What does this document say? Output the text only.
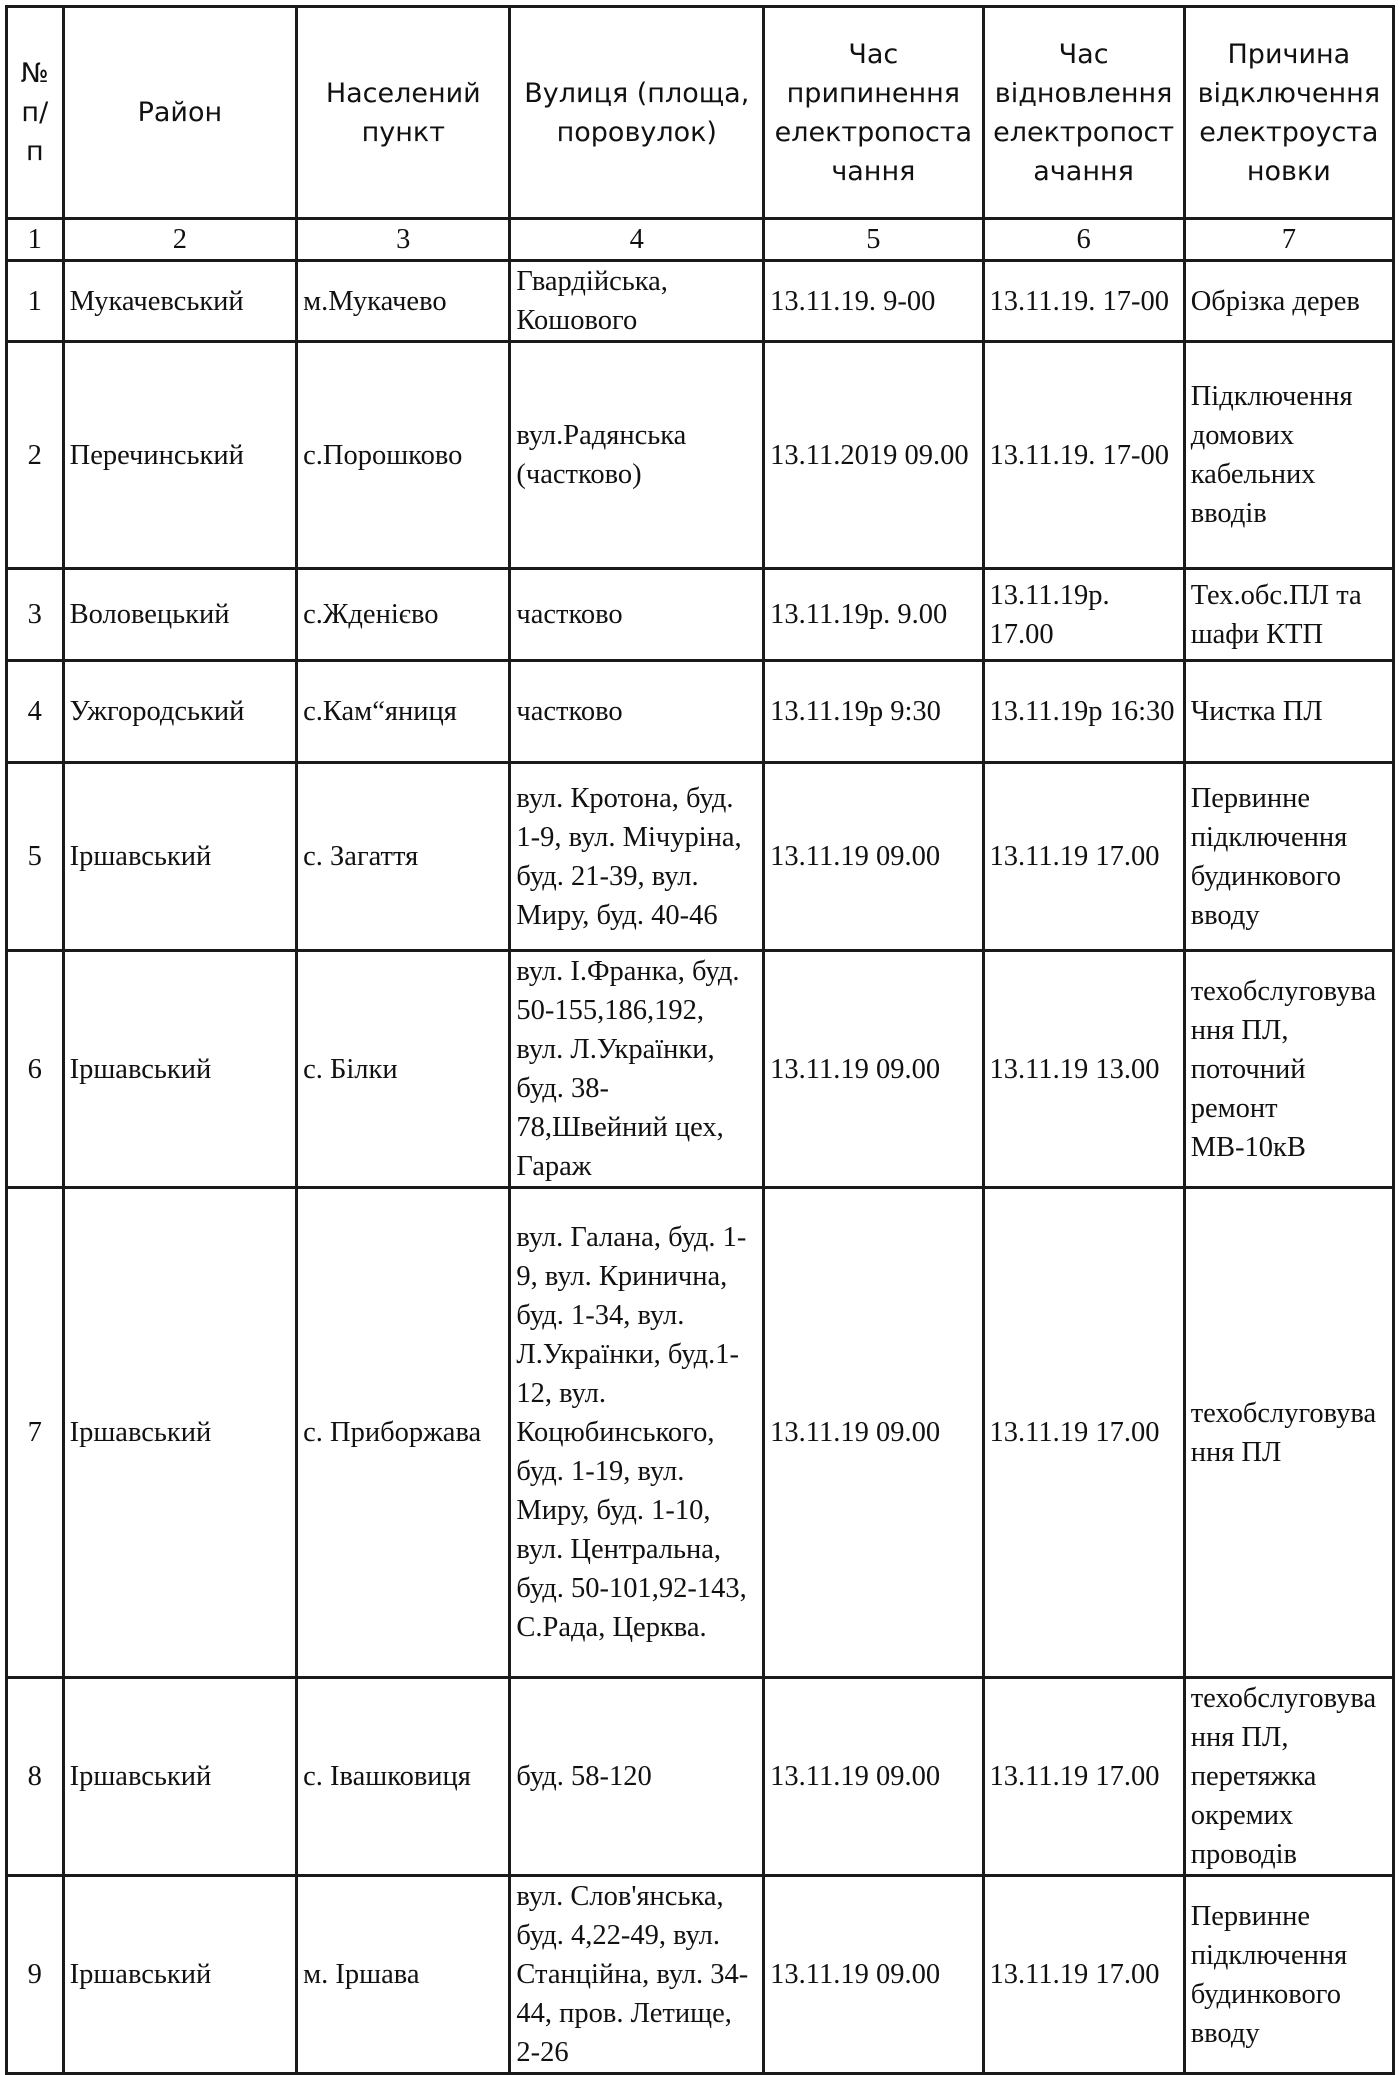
№ п/п	Район	Населений пункт	Вулиця (площа, поровулок)	Час припинення електропостачання	Час відновлення електропостачання	Причина відключення електроустановки
1	2	3	4	5	6	7
1	Мукачевський	м.Мукачево	Гвардійська, Кошового	13.11.19. 9-00	13.11.19. 17-00	Обрізка дерев
2	Перечинський	с.Порошково	вул.Радянська (частково)	13.11.2019 09.00	13.11.19. 17-00	Підключення домових кабельних вводів
3	Воловецький	с.Жденієво	частково	13.11.19р. 9.00	13.11.19р. 17.00	Тех.обс.ПЛ та шафи КТП
4	Ужгородський	с.Кам“яниця	частково	13.11.19р 9:30	13.11.19р 16:30	Чистка ПЛ
5	Іршавський	с. Загаття	вул. Кротона, буд. 1-9, вул. Мічуріна, буд. 21-39, вул. Миру, буд. 40-46	13.11.19 09.00	13.11.19 17.00	Первинне підключення будинкового вводу
6	Іршавський	с. Білки	вул. І.Франка, буд. 50-155,186,192, вул. Л.Українки, буд. 38-78,Швейний цех, Гараж	13.11.19 09.00	13.11.19 13.00	техобслуговування ПЛ, поточний ремонт МВ-10кВ
7	Іршавський	с. Приборжава	вул. Галана, буд. 1-9, вул. Кринична, буд. 1-34, вул. Л.Українки, буд.1-12, вул. Коцюбинського, буд. 1-19, вул. Миру, буд. 1-10, вул. Центральна, буд. 50-101,92-143, С.Рада, Церква.	13.11.19 09.00	13.11.19 17.00	техобслуговування ПЛ
8	Іршавський	с. Івашковиця	буд. 58-120	13.11.19 09.00	13.11.19 17.00	техобслуговування ПЛ, перетяжка окремих проводів
9	Іршавський	м. Іршава	вул. Слов'янська, буд. 4,22-49, вул. Станційна, вул. 34-44, пров. Летище, 2-26	13.11.19 09.00	13.11.19 17.00	Первинне підключення будинкового вводу
